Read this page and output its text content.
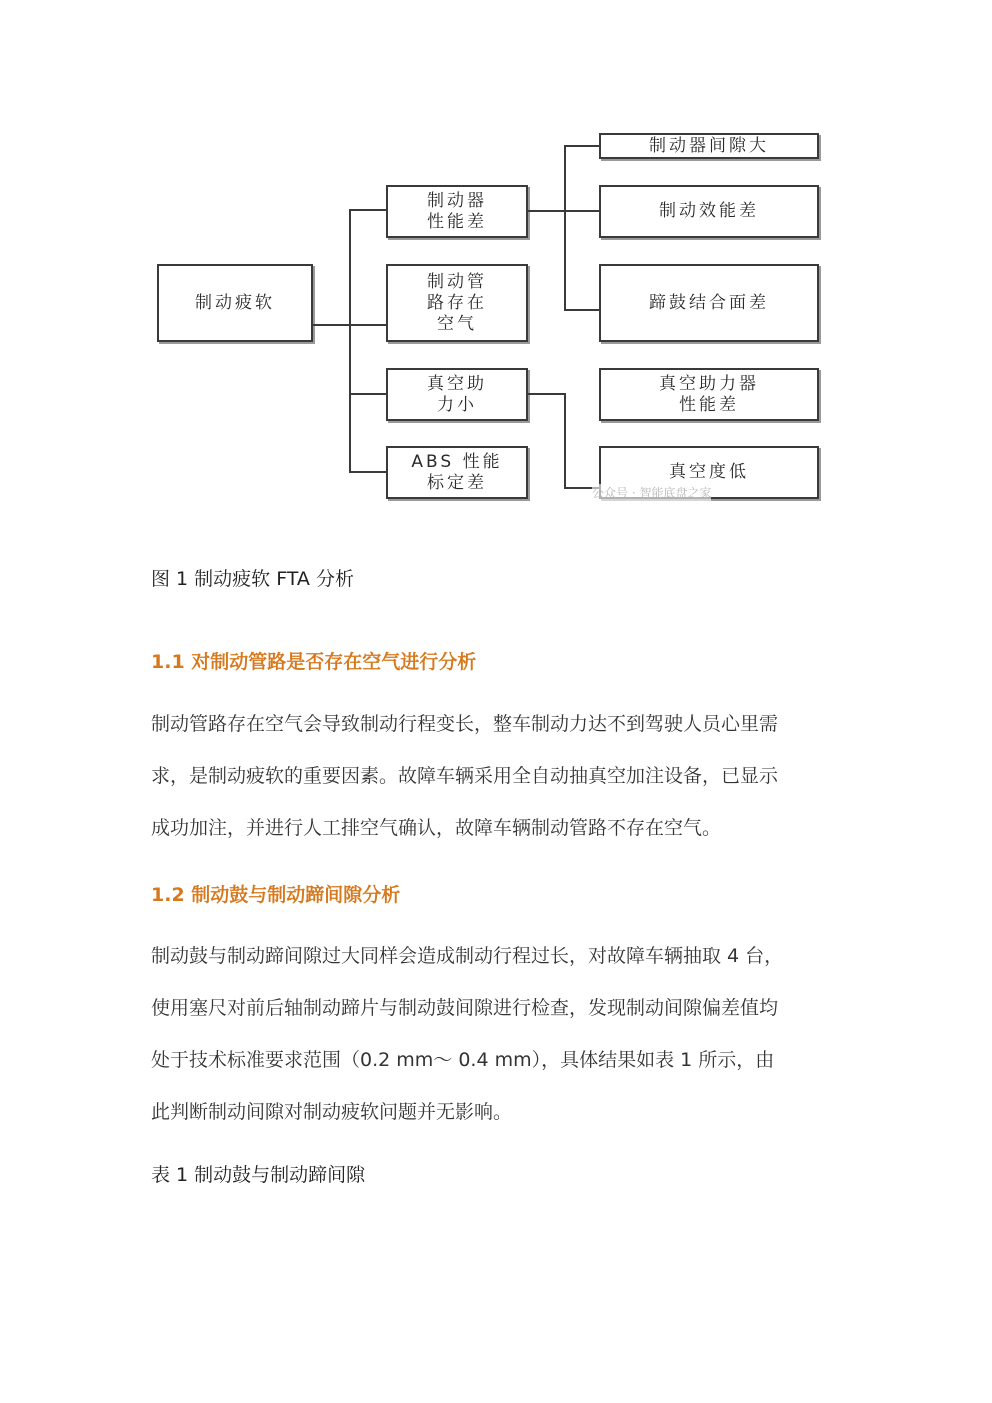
制动疲软
制动器
性能差
制动管
路存在
空气
真空助
力小
ABS 性能
标定差
制动器间隙大
制动效能差
蹄鼓结合面差
真空助力器
性能差
真空度低
公众号 · 智能底盘之家
图 1 制动疲软 FTA 分析
1.1 对制动管路是否存在空气进行分析
制动管路存在空气会导致制动行程变长，整车制动力达不到驾驶人员心里需
求，是制动疲软的重要因素。故障车辆采用全自动抽真空加注设备，已显示
成功加注，并进行人工排空气确认，故障车辆制动管路不存在空气。
1.2 制动鼓与制动蹄间隙分析
制动鼓与制动蹄间隙过大同样会造成制动行程过长，对故障车辆抽取 4 台，
使用塞尺对前后轴制动蹄片与制动鼓间隙进行检查，发现制动间隙偏差值均
处于技术标准要求范围（0.2 mm～ 0.4 mm），具体结果如表 1 所示，由
此判断制动间隙对制动疲软问题并无影响。
表 1 制动鼓与制动蹄间隙
